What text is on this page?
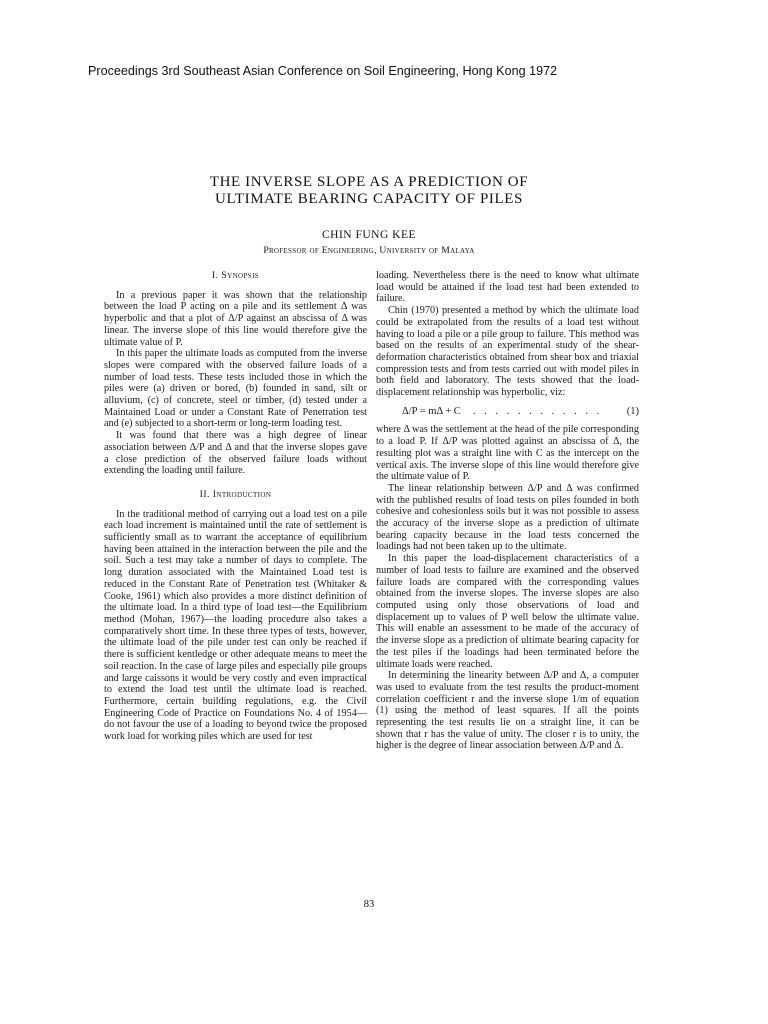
Proceedings 3rd Southeast Asian Conference on Soil Engineering, Hong Kong 1972
THE INVERSE SLOPE AS A PREDICTION OF
ULTIMATE BEARING CAPACITY OF PILES
CHIN FUNG KEE
Professor of Engineering, University of Malaya
I. Synopsis

In a previous paper it was shown that the relationship between the load P acting on a pile and its settlement Δ was hyperbolic and that a plot of Δ/P against an abscissa of Δ was linear. The inverse slope of this line would therefore give the ultimate value of P.

In this paper the ultimate loads as computed from the inverse slopes were compared with the observed failure loads of a number of load tests. These tests included those in which the piles were (a) driven or bored, (b) founded in sand, silt or alluvium, (c) of concrete, steel or timber, (d) tested under a Maintained Load or under a Constant Rate of Penetration test and (e) subjected to a short-term or long-term loading test.

It was found that there was a high degree of linear association between Δ/P and Δ and that the inverse slopes gave a close prediction of the observed failure loads without extending the loading until failure.

II. Introduction

In the traditional method of carrying out a load test on a pile each load increment is maintained until the rate of settlement is sufficiently small as to warrant the acceptance of equilibrium having been attained in the interaction between the pile and the soil. Such a test may take a number of days to complete. The long duration associated with the Maintained Load test is reduced in the Constant Rate of Penetration test (Whitaker & Cooke, 1961) which also provides a more distinct definition of the ultimate load. In a third type of load test—the Equilibrium method (Mohan, 1967)—the loading procedure also takes a comparatively short time. In these three types of tests, however, the ultimate load of the pile under test can only be reached if there is sufficient kentledge or other adequate means to meet the soil reaction. In the case of large piles and especially pile groups and large caissons it would be very costly and even impractical to extend the load test until the ultimate load is reached. Furthermore, certain building regulations, e.g. the Civil Engineering Code of Practice on Foundations No. 4 of 1954—do not favour the use of a loading to beyond twice the proposed work load for working piles which are used for test

loading. Nevertheless there is the need to know what ultimate load would be attained if the load test had been extended to failure.

Chin (1970) presented a method by which the ultimate load could be extrapolated from the results of a load test without having to load a pile or a pile group to failure. This method was based on the results of an experimental study of the shear-deformation characteristics obtained from shear box and triaxial compression tests and from tests carried out with model piles in both field and laboratory. The tests showed that the load-displacement relationship was hyperbolic, viz:

Δ/P = mΔ + C	. . . . . . . . . . . .	(1)

where Δ was the settlement at the head of the pile corresponding to a load P. If Δ/P was plotted against an abscissa of Δ, the resulting plot was a straight line with C as the intercept on the vertical axis. The inverse slope of this line would therefore give the ultimate value of P.

The linear relationship between Δ/P and Δ was confirmed with the published results of load tests on piles founded in both cohesive and cohesionless soils but it was not possible to assess the accuracy of the inverse slope as a prediction of ultimate bearing capacity because in the load tests concerned the loadings had not been taken up to the ultimate.

In this paper the load-displacement characteristics of a number of load tests to failure are examined and the observed failure loads are compared with the corresponding values obtained from the inverse slopes. The inverse slopes are also computed using only those observations of load and displacement up to values of P well below the ultimate value. This will enable an assessment to be made of the accuracy of the inverse slope as a prediction of ultimate bearing capacity for the test piles if the loadings had been terminated before the ultimate loads were reached.

In determining the linearity between Δ/P and Δ, a computer was used to evaluate from the test results the product-moment correlation coefficient r and the inverse slope 1/m of equation (1) using the method of least squares. If all the points representing the test results lie on a straight line, it can be shown that r has the value of unity. The closer r is to unity, the higher is the degree of linear association between Δ/P and Δ.

83
